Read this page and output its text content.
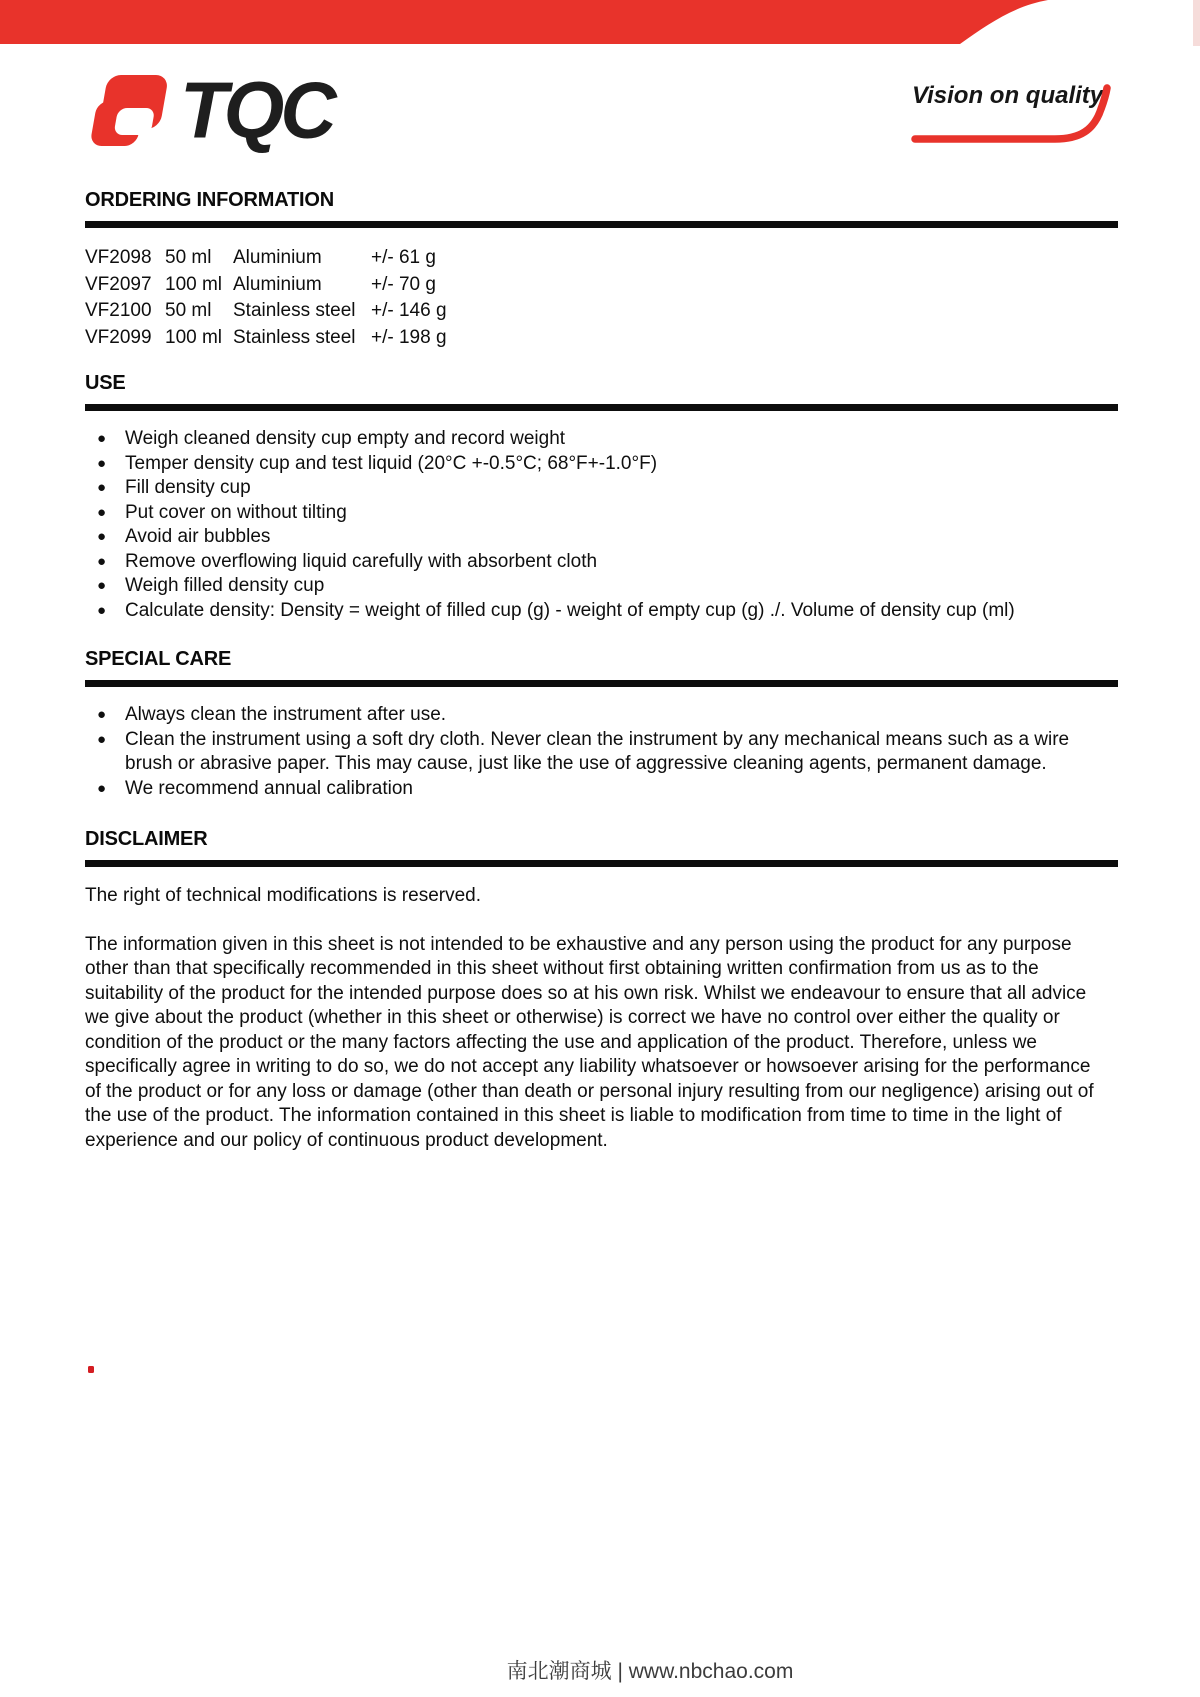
TQC	Vision on quality
ORDERING INFORMATION
VF2098 50 ml	Aluminium	+/- 61 g
VF2097 100 ml Aluminium	+/- 70 g
VF2100 50 ml	Stainless steel +/- 146 g
VF2099 100 ml Stainless steel +/- 198 g
USE
● Weigh cleaned density cup empty and record weight
● Temper density cup and test liquid (20°C +-0.5°C; 68°F+-1.0°F)
● Fill density cup
● Put cover on without tilting
● Avoid air bubbles
● Remove overflowing liquid carefully with absorbent cloth
● Weigh filled density cup
● Calculate density: Density = weight of filled cup (g) - weight of empty cup (g) ./. Volume of density cup (ml)
SPECIAL CARE
● Always clean the instrument after use.
● Clean the instrument using a soft dry cloth. Never clean the instrument by any mechanical means such as a wire brush or abrasive paper. This may cause, just like the use of aggressive cleaning agents, permanent damage.
● We recommend annual calibration
DISCLAIMER

The right of technical modifications is reserved.

The information given in this sheet is not intended to be exhaustive and any person using the product for any purpose other than that specifically recommended in this sheet without first obtaining written confirmation from us as to the suitability of the product for the intended purpose does so at his own risk. Whilst we endeavour to ensure that all advice we give about the product (whether in this sheet or otherwise) is correct we have no control over either the quality or condition of the product or the many factors affecting the use and application of the product. Therefore, unless we specifically agree in writing to do so, we do not accept any liability whatsoever or howsoever arising for the performance of the product or for any loss or damage (other than death or personal injury resulting from our negligence) arising out of the use of the product. The information contained in this sheet is liable to modification from time to time in the light of experience and our policy of continuous product development.

南北潮商城 | www.nbchao.com
